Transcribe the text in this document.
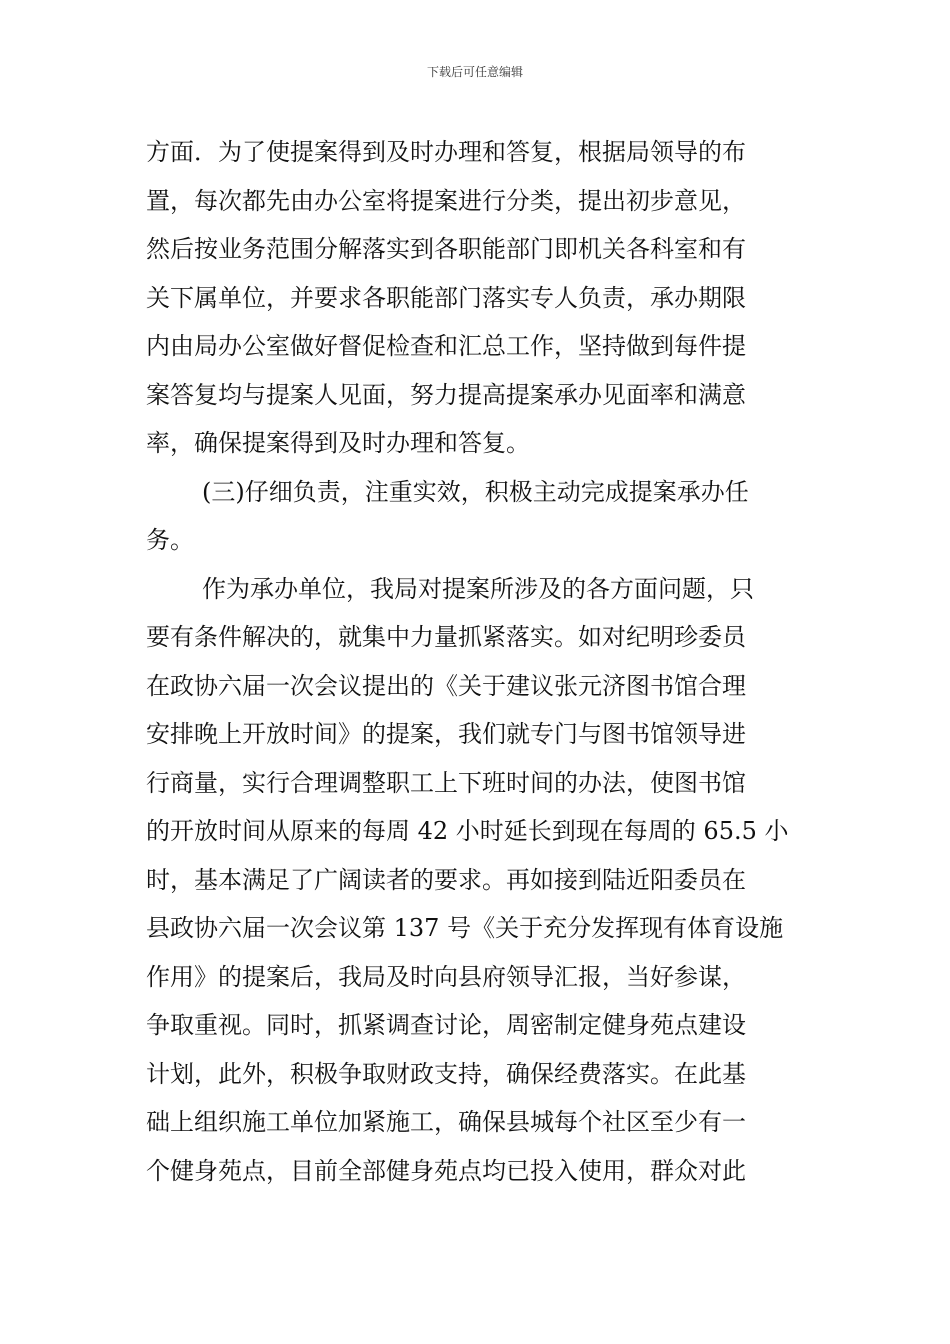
下载后可任意编辑
方面．为了使提案得到及时办理和答复，根据局领导的布
置，每次都先由办公室将提案进行分类，提出初步意见，
然后按业务范围分解落实到各职能部门即机关各科室和有
关下属单位，并要求各职能部门落实专人负责，承办期限
内由局办公室做好督促检查和汇总工作，坚持做到每件提
案答复均与提案人见面，努力提高提案承办见面率和满意
率，确保提案得到及时办理和答复。
(三)仔细负责，注重实效，积极主动完成提案承办任
务。
作为承办单位，我局对提案所涉及的各方面问题，只
要有条件解决的，就集中力量抓紧落实。如对纪明珍委员
在政协六届一次会议提出的《关于建议张元济图书馆合理
安排晚上开放时间》的提案，我们就专门与图书馆领导进
行商量，实行合理调整职工上下班时间的办法，使图书馆
的开放时间从原来的每周 42 小时延长到现在每周的 65.5 小
时，基本满足了广阔读者的要求。再如接到陆近阳委员在
县政协六届一次会议第 137 号《关于充分发挥现有体育设施
作用》的提案后，我局及时向县府领导汇报，当好参谋，
争取重视。同时，抓紧调查讨论，周密制定健身苑点建设
计划，此外，积极争取财政支持，确保经费落实。在此基
础上组织施工单位加紧施工，确保县城每个社区至少有一
个健身苑点，目前全部健身苑点均已投入使用，群众对此
